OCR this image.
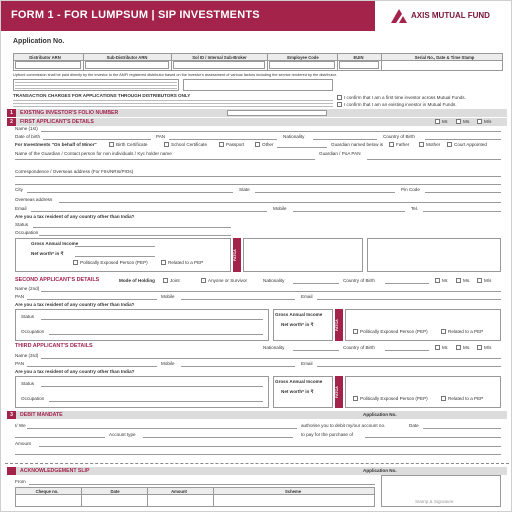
FORM 1 - FOR LUMPSUM | SIP INVESTMENTS	AXIS MUTUAL FUND
Application No.
Distributor ARN	Sub-Distributor ARN	Sol ID / Internal Sub-Broker	Employee Code	EUIN	Serial No., Date & Time Stamp
Upfront commission shall be paid directly by the investor to the AMFI registered distributor based on the investor's assessment of various factors including the service rendered by the distributor.
TRANSACTION CHARGES FOR APPLICATIONS THROUGH DISTRIBUTORS ONLY	I confirm that I am a first time investor across Mutual Funds.
I confirm that I am an existing investor in Mutual Funds.
1	EXISTING INVESTOR'S FOLIO NUMBER
2	FIRST APPLICANT'S DETAILS	Mr.	Ms.	M/s
Name (1st)
Date of birth	PAN	Nationality	Country of Birth
For Investments "On behalf of Minor"	Birth Certificate	School Certificate	Passport	Other	Guardian named below is	Father	Mother	Court Appointed
Name of the Guardian / Contact person for non individuals / Kyc holder name	Guardian / PoA PAN
Correspondence / Overseas address (For FIIs/NRIs/PIOs)
City	State	Pin Code
Overseas address
Email	Mobile	Tel.
Are you a tax resident of any country other than India?
Status
Occupation
Gross Annual Income
Net worth* in ₹
Politically Exposed Person (PEP)	Related to a PEP
FATCA
SECOND APPLICANT'S DETAILS	Mode of Holding	Joint	Anyone or Survivor	Nationality	Country of Birth	Mr.	Ms.	M/s
Name (2nd)
PAN	Mobile	Email
Are you a tax resident of any country other than India?
Status
Occupation
Gross Annual Income
Net worth* in ₹	FATCA
Politically Exposed Person (PEP)	Related to a PEP
THIRD APPLICANT'S DETAILS	Nationality	Country of Birth	Mr.	Ms.	M/s
Name (3rd)
PAN	Mobile	Email
Are you a tax resident of any country other than India?
Status
Occupation
Gross Annual Income
Net worth* in ₹	FATCA
Politically Exposed Person (PEP)	Related to a PEP
3	DEBIT MANDATE	Application No.
I/ We	authorise you to debit my/our account no.	Date
Account type	to pay for the purchase of
Amount
ACKNOWLEDGEMENT SLIP	Application No.
From
Cheque no.	Date	Amount	Scheme
Stamp & Signature
